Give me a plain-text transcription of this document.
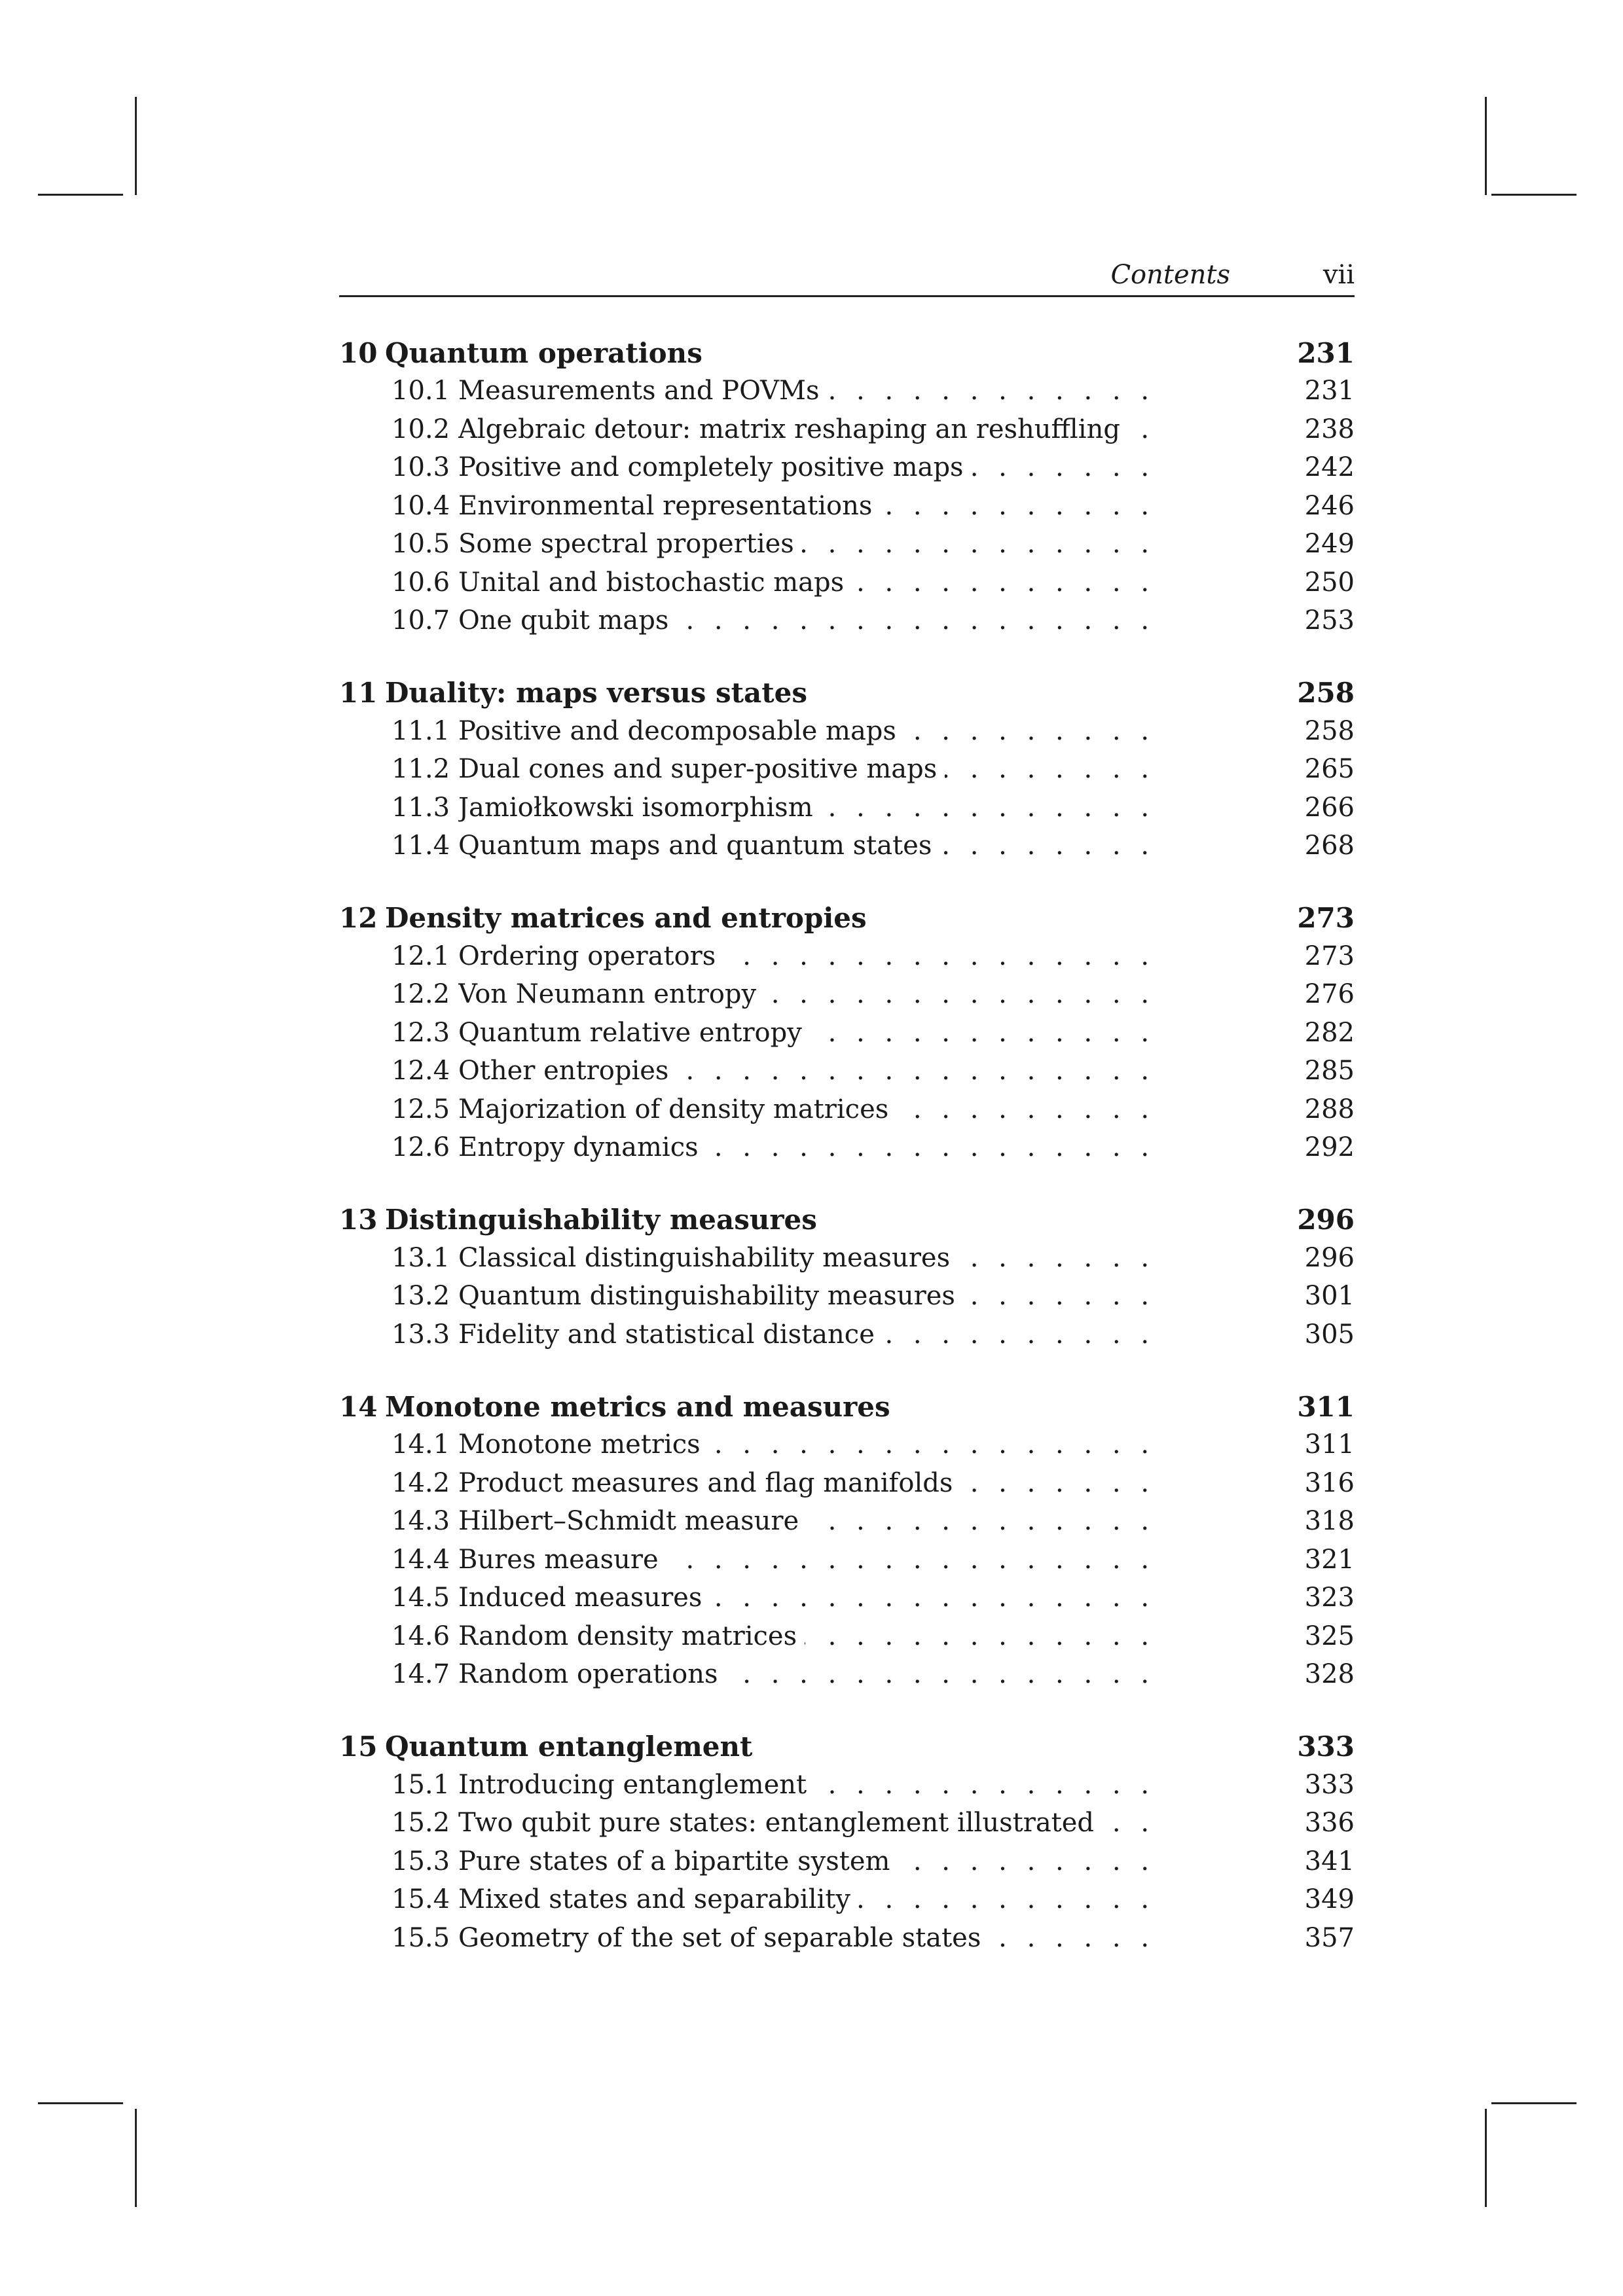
Contents	vii
10 Quantum operations	231
10.1 Measurements and POVMs . . .	231
10.2 Algebraic detour: matrix reshaping an reshuffling . . .	238
10.3 Positive and completely positive maps . . .	242
10.4 Environmental representations . . .	246
10.5 Some spectral properties . . .	249
10.6 Unital and bistochastic maps . . .	250
10.7 One qubit maps . . .	253
11 Duality: maps versus states	258
11.1 Positive and decomposable maps . . .	258
11.2 Dual cones and super-positive maps . . .	265
11.3 Jamiołkowski isomorphism . . .	266
11.4 Quantum maps and quantum states . . .	268
12 Density matrices and entropies	273
12.1 Ordering operators . . .	273
12.2 Von Neumann entropy . . .	276
12.3 Quantum relative entropy . . .	282
12.4 Other entropies . . .	285
12.5 Majorization of density matrices . . .	288
12.6 Entropy dynamics . . .	292
13 Distinguishability measures	296
13.1 Classical distinguishability measures . . .	296
13.2 Quantum distinguishability measures . . .	301
13.3 Fidelity and statistical distance . . .	305
14 Monotone metrics and measures	311
14.1 Monotone metrics . . .	311
14.2 Product measures and flag manifolds . . .	316
14.3 Hilbert–Schmidt measure . . .	318
14.4 Bures measure . . .	321
14.5 Induced measures . . .	323
14.6 Random density matrices . . .	325
14.7 Random operations . . .	328
15 Quantum entanglement	333
15.1 Introducing entanglement . . .	333
15.2 Two qubit pure states: entanglement illustrated . . .	336
15.3 Pure states of a bipartite system . . .	341
15.4 Mixed states and separability . . .	349
15.5 Geometry of the set of separable states . . .	357
